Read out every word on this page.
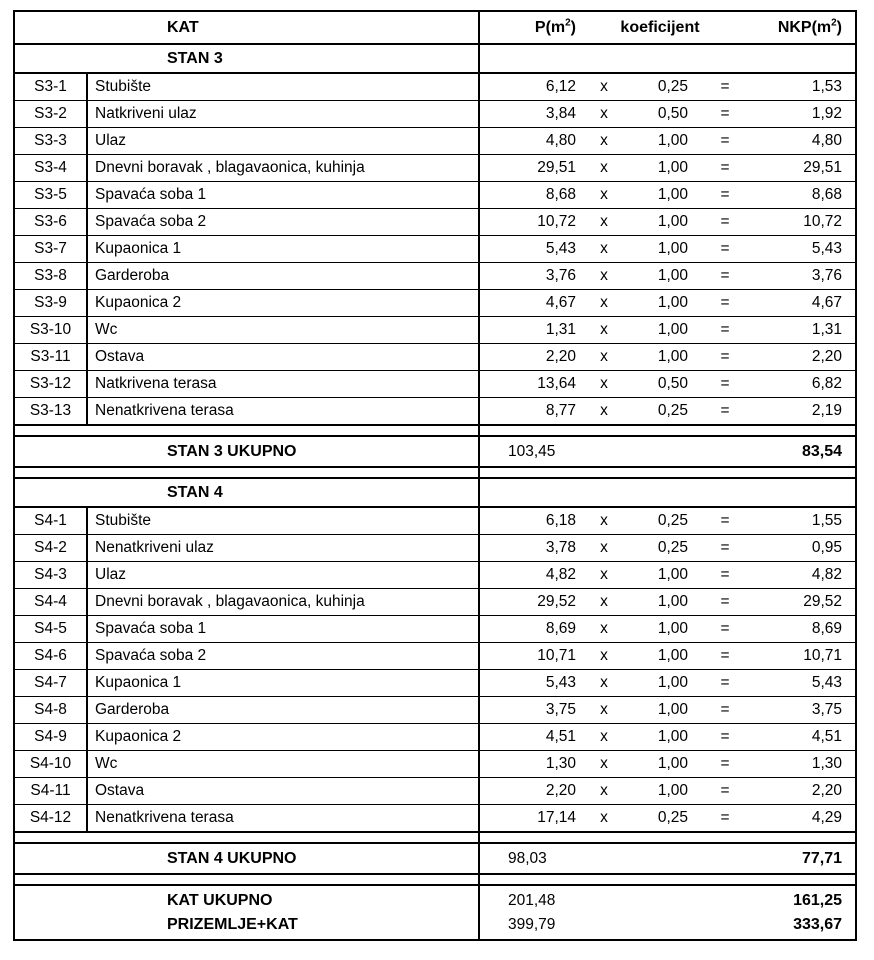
	KAT	$P(m^2)$		koeficijent		$NKP(m^2)$
	STAN 3					
S3-1	Stubište	6,12	x	0,25	=	1,53
S3-2	Natkriveni ulaz	3,84	x	0,50	=	1,92
S3-3	Ulaz	4,80	x	1,00	=	4,80
S3-4	Dnevni boravak , blagavaonica, kuhinja	29,51	x	1,00	=	29,51
S3-5	Spavaća soba 1	8,68	x	1,00	=	8,68
S3-6	Spavaća soba 2	10,72	x	1,00	=	10,72
S3-7	Kupaonica 1	5,43	x	1,00	=	5,43
S3-8	Garderoba	3,76	x	1,00	=	3,76
S3-9	Kupaonica 2	4,67	x	1,00	=	4,67
S3-10	Wc	1,31	x	1,00	=	1,31
S3-11	Ostava	2,20	x	1,00	=	2,20
S3-12	Natkrivena terasa	13,64	x	0,50	=	6,82
S3-13	Nenatkrivena terasa	8,77	x	0,25	=	2,19

	STAN 3 UKUPNO	103,45				83,54

	STAN 4					
S4-1	Stubište	6,18	x	0,25	=	1,55
S4-2	Nenatkriveni ulaz	3,78	x	0,25	=	0,95
S4-3	Ulaz	4,82	x	1,00	=	4,82
S4-4	Dnevni boravak , blagavaonica, kuhinja	29,52	x	1,00	=	29,52
S4-5	Spavaća soba 1	8,69	x	1,00	=	8,69
S4-6	Spavaća soba 2	10,71	x	1,00	=	10,71
S4-7	Kupaonica 1	5,43	x	1,00	=	5,43
S4-8	Garderoba	3,75	x	1,00	=	3,75
S4-9	Kupaonica 2	4,51	x	1,00	=	4,51
S4-10	Wc	1,30	x	1,00	=	1,30
S4-11	Ostava	2,20	x	1,00	=	2,20
S4-12	Nenatkrivena terasa	17,14	x	0,25	=	4,29

	STAN 4 UKUPNO	98,03				77,71

	KAT UKUPNO	201,48				161,25
	PRIZEMLJE+KAT	399,79				333,67
